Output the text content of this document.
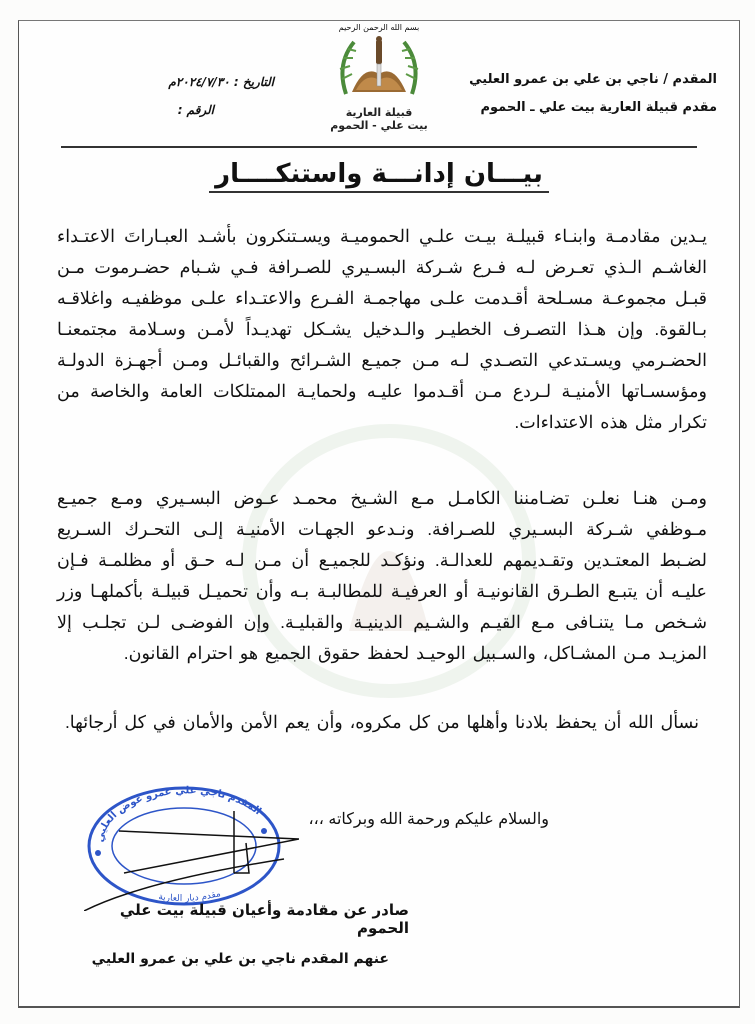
المقدم / ناجي بن علي بن عمرو العليي
مقدم قبيلة العارية بيت علي ـ الحموم
بسم الله الرحمن الرحيم
قبيلة العارية
بيت علي - الحموم
التاريخ : ٢٠٢٤/٧/٣٠م
الرقم :
بيـــان إدانـــة واستنكــــار
يـدين مقادمـة وابنـاء قبيلـة بيـت علـي الحموميـة ويسـتنكرون بأشـد العبـاراتَ الاعتـداء الغاشـم الـذي تعـرض لـه فـرع شـركة البسـيري للصـرافة فـي شـبام حضـرموت مـن قبـل مجموعـة مسـلحة أقـدمت علـى مهاجمـة الفـرع والاعتـداء علـى موظفيـه واغلاقـه بـالقوة. وإن هـذا التصـرف الخطيـر والـدخيل يشـكل تهديـداً لأمـن وسـلامة مجتمعنـا الحضـرمي ويسـتدعي التصـدي لـه مـن جميـع الشـرائح والقبائـل ومـن أجهـزة الدولـة ومؤسسـاتها الأمنيـة لـردع مـن أقـدموا عليـه ولحمايـة الممتلكات العامة والخاصة من تكرار مثل هذه الاعتداءات.
ومـن هنـا نعلـن تضـامننا الكامـل مـع الشـيخ محمـد عـوض البسـيري ومـع جميـع مـوظفي شـركة البسـيري للصـرافة. ونـدعو الجهـات الأمنيـة إلـى التحـرك السـريع لضـبط المعتـدين وتقـديمهم للعدالـة. ونؤكـد للجميـع أن مـن لـه حـق أو مظلمـة فـإن عليـه أن يتبـع الطـرق القانونيـة أو العرفيـة للمطالبـة بـه وأن تحميـل قبيلـة بأكملهـا وزر شـخص مـا يتنـافى مـع القيـم والشـيم الدينيـة والقبليـة. وإن الفوضـى لـن تجلـب إلا المزيـد مـن المشـاكل، والسـبيل الوحيـد لحفظ حقوق الجميع هو احترام القانون.
نسأل الله أن يحفظ بلادنا وأهلها من كل مكروه، وأن يعم الأمن والأمان في كل أرجائها.
والسلام عليكم ورحمة الله وبركاته ،،،
المقدم ناجي علي عمرو عوض العليي
مقدم ديار العارية
صادر عن مقادمة وأعيان قبيلة بيت علي الحموم
عنهم المقدم ناجي بن علي بن عمرو العليي
